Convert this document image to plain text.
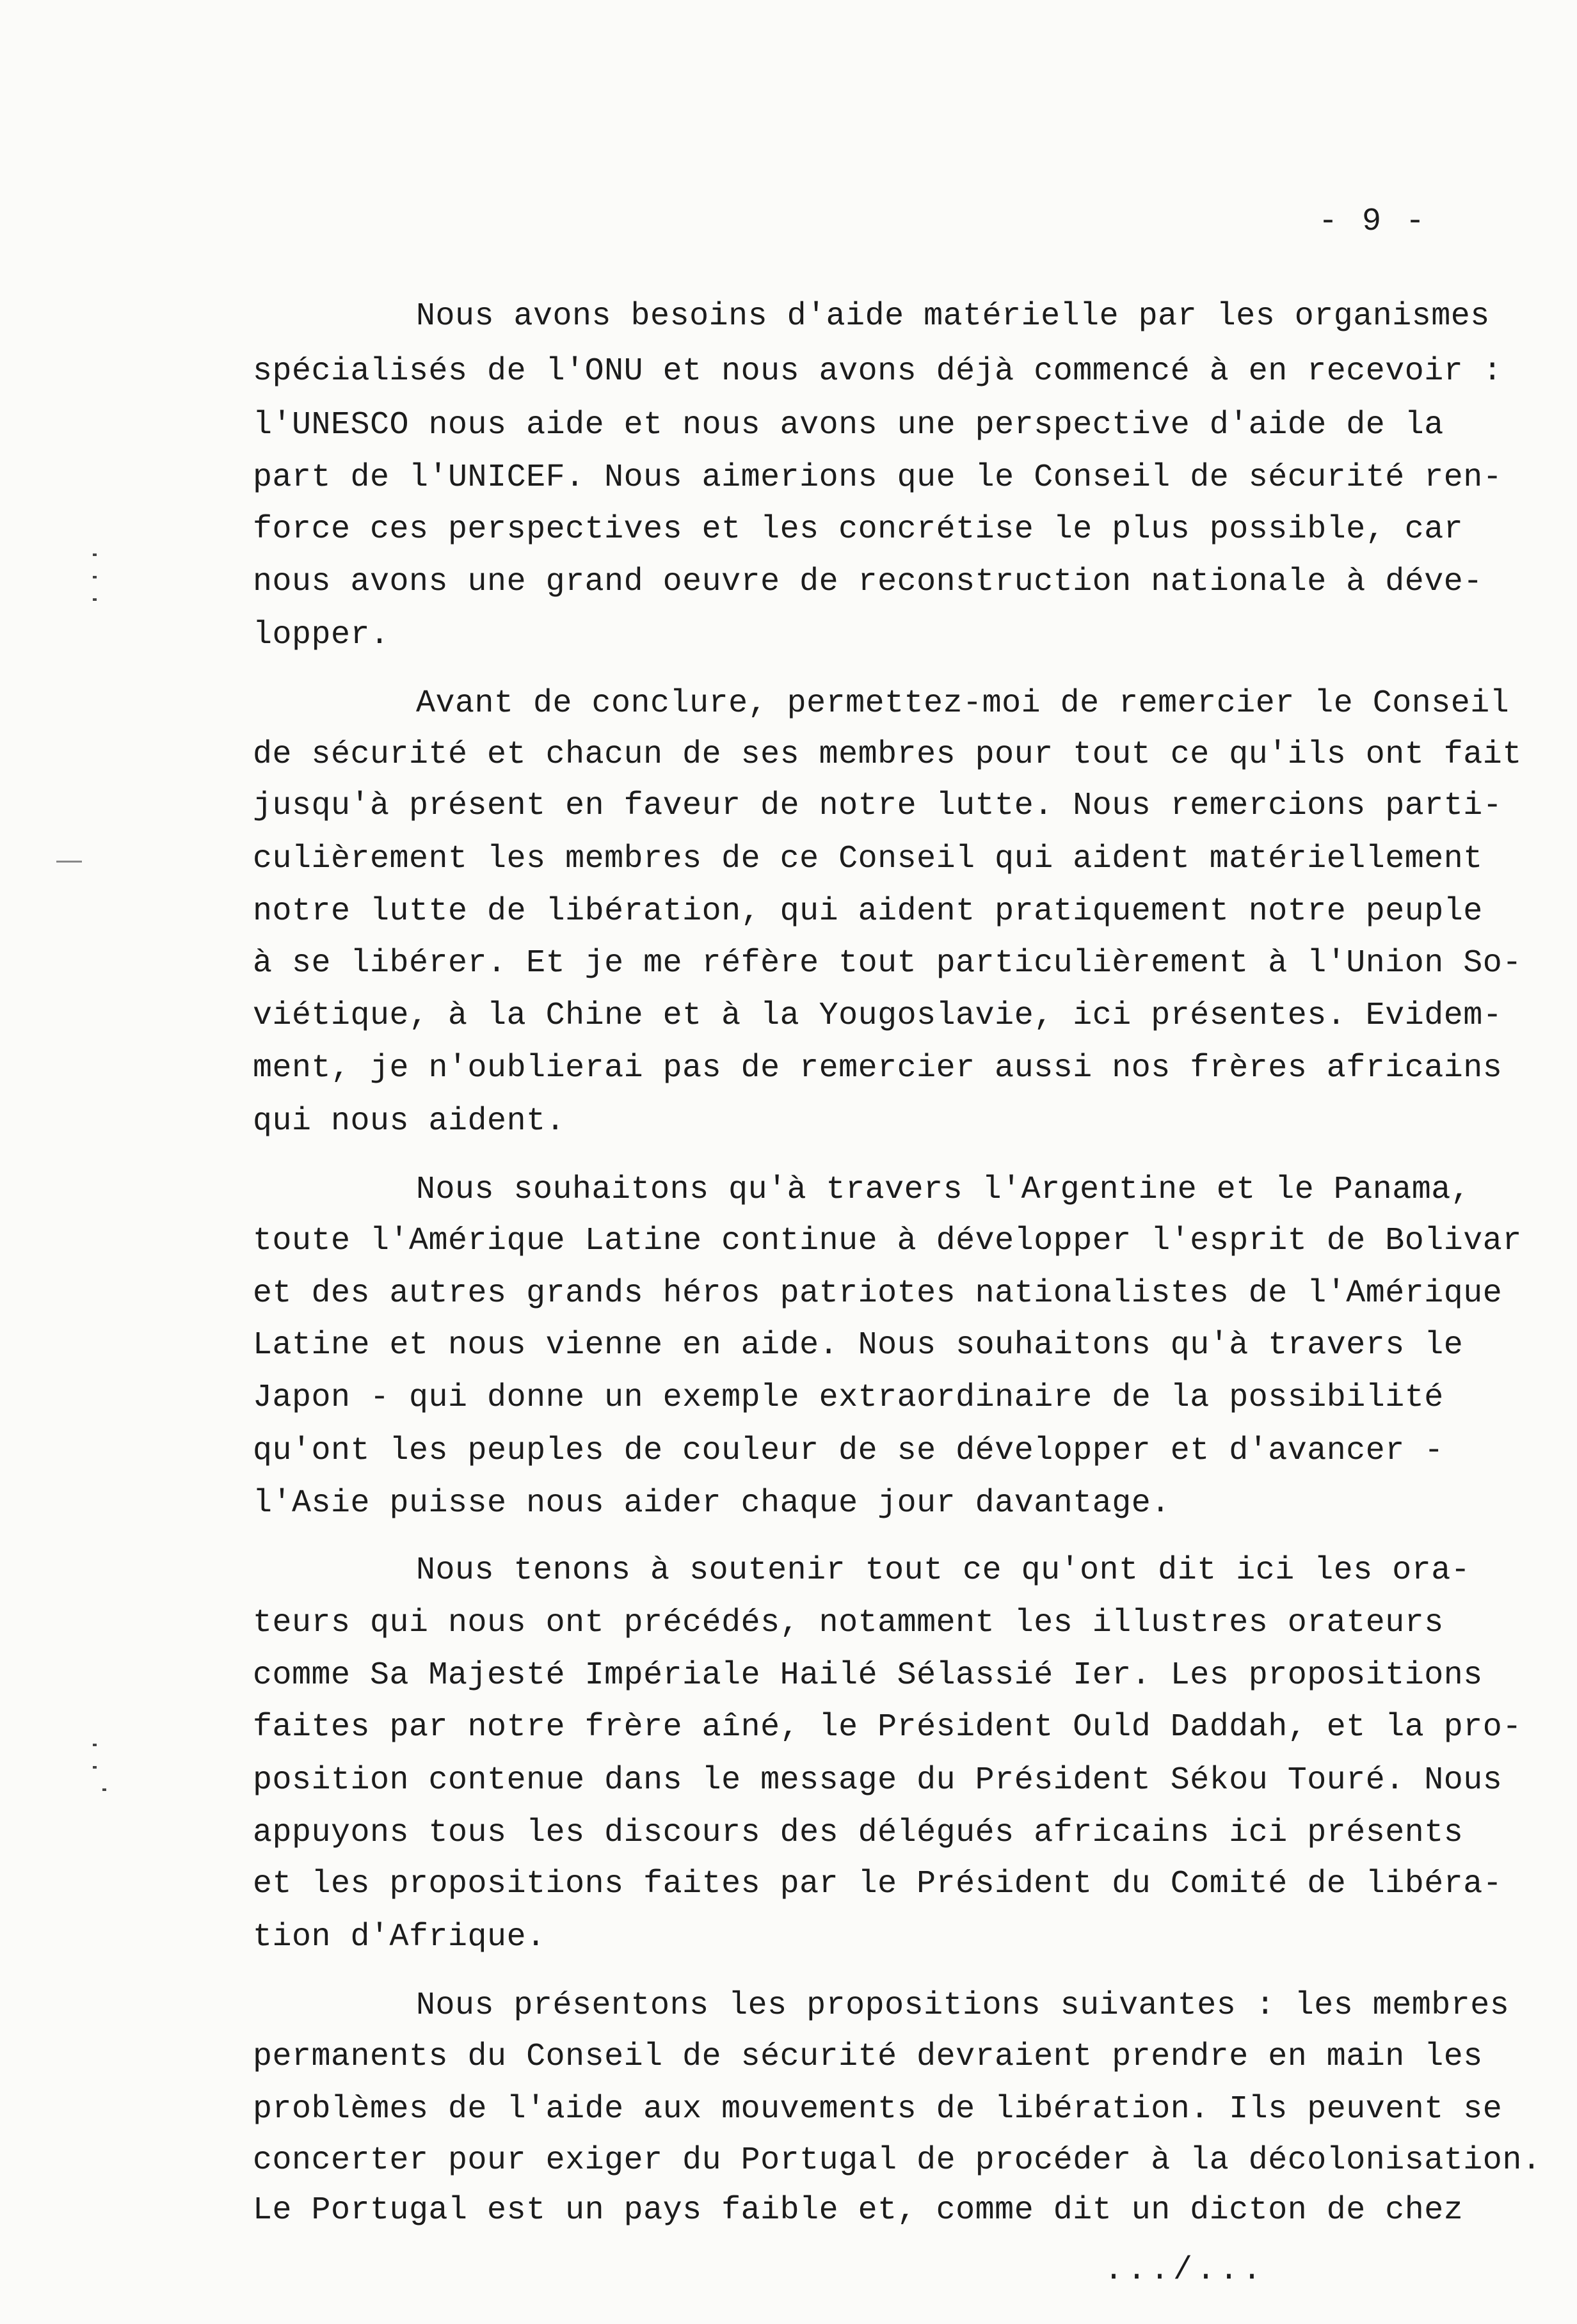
- 9 -
Nous avons besoins d'aide matérielle par les organismes
spécialisés de l'ONU et nous avons déjà commencé à en recevoir :
l'UNESCO nous aide et nous avons une perspective d'aide de la
part de l'UNICEF. Nous aimerions que le Conseil de sécurité ren-
force ces perspectives et les concrétise le plus possible, car
nous avons une grand oeuvre de reconstruction nationale à déve-
lopper.
Avant de conclure, permettez-moi de remercier le Conseil
de sécurité et chacun de ses membres pour tout ce qu'ils ont fait
jusqu'à présent en faveur de notre lutte. Nous remercions parti-
culièrement les membres de ce Conseil qui aident matériellement
notre lutte de libération, qui aident pratiquement notre peuple
à se libérer. Et je me réfère tout particulièrement à l'Union So-
viétique, à la Chine et à la Yougoslavie, ici présentes. Evidem-
ment, je n'oublierai pas de remercier aussi nos frères africains
qui nous aident.
Nous souhaitons qu'à travers l'Argentine et le Panama,
toute l'Amérique Latine continue à développer l'esprit de Bolivar
et des autres grands héros patriotes nationalistes de l'Amérique
Latine et nous vienne en aide. Nous souhaitons qu'à travers le
Japon - qui donne un exemple extraordinaire de la possibilité
qu'ont les peuples de couleur de se développer et d'avancer -
l'Asie puisse nous aider chaque jour davantage.
Nous tenons à soutenir tout ce qu'ont dit ici les ora-
teurs qui nous ont précédés, notamment les illustres orateurs
comme Sa Majesté Impériale Hailé Sélassié Ier. Les propositions
faites par notre frère aîné, le Président Ould Daddah, et la pro-
position contenue dans le message du Président Sékou Touré. Nous
appuyons tous les discours des délégués africains ici présents
et les propositions faites par le Président du Comité de libéra-
tion d'Afrique.
Nous présentons les propositions suivantes : les membres
permanents du Conseil de sécurité devraient prendre en main les
problèmes de l'aide aux mouvements de libération. Ils peuvent se
concerter pour exiger du Portugal de procéder à la décolonisation.
Le Portugal est un pays faible et, comme dit un dicton de chez
.../...
